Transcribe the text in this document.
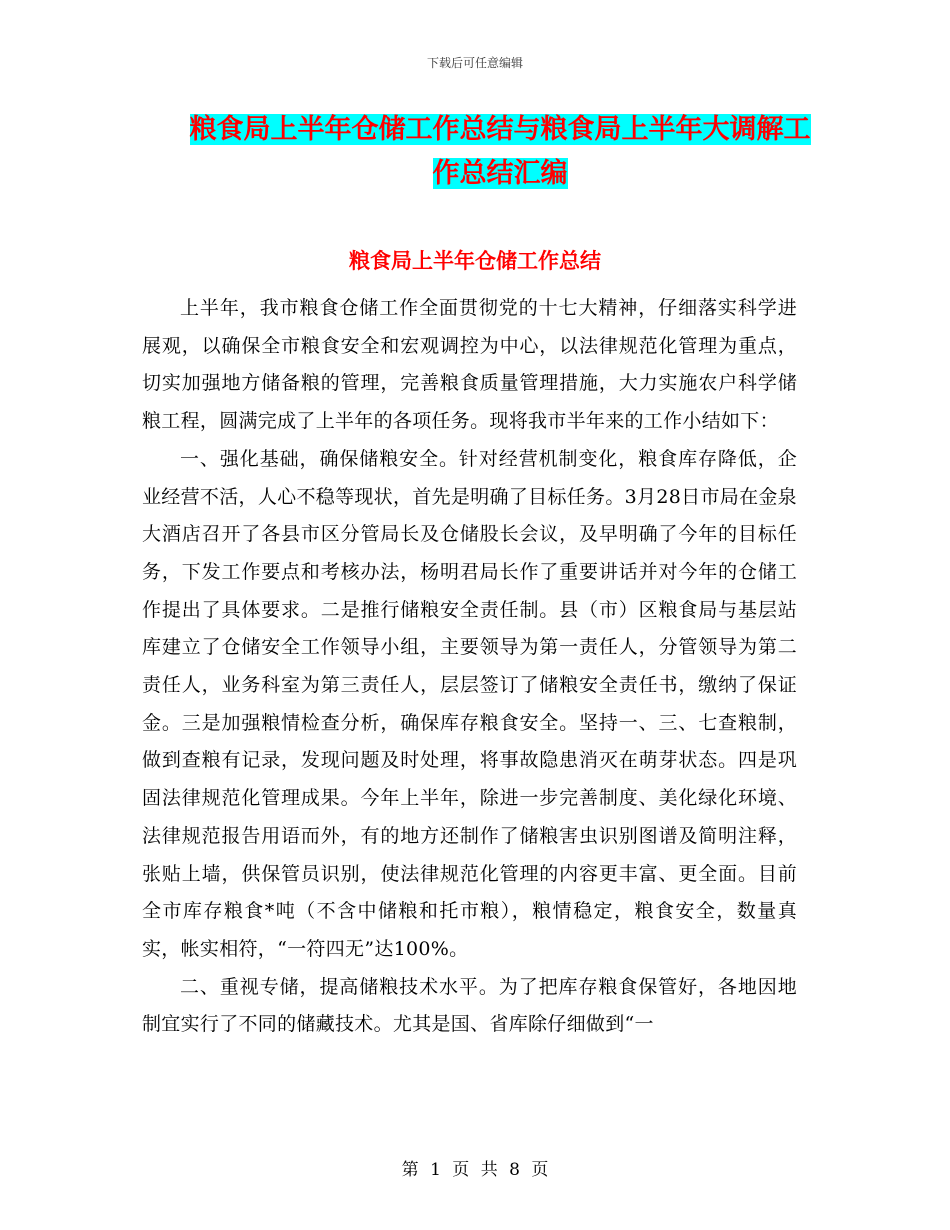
下载后可任意编辑
粮食局上半年仓储工作总结与粮食局上半年大调解工
作总结汇编
粮食局上半年仓储工作总结

上半年，我市粮食仓储工作全面贯彻党的十七大精神，仔细落实科学进展观，以确保全市粮食安全和宏观调控为中心，以法律规范化管理为重点，切实加强地方储备粮的管理，完善粮食质量管理措施，大力实施农户科学储粮工程，圆满完成了上半年的各项任务。现将我市半年来的工作小结如下：

一、强化基础，确保储粮安全。针对经营机制变化，粮食库存降低，企业经营不活，人心不稳等现状，首先是明确了目标任务。3月28日市局在金泉大酒店召开了各县市区分管局长及仓储股长会议，及早明确了今年的目标任务，下发工作要点和考核办法，杨明君局长作了重要讲话并对今年的仓储工作提出了具体要求。二是推行储粮安全责任制。县（市）区粮食局与基层站库建立了仓储安全工作领导小组，主要领导为第一责任人，分管领导为第二责任人，业务科室为第三责任人，层层签订了储粮安全责任书，缴纳了保证金。三是加强粮情检查分析，确保库存粮食安全。坚持一、三、七查粮制，做到查粮有记录，发现问题及时处理，将事故隐患消灭在萌芽状态。四是巩固法律规范化管理成果。今年上半年，除进一步完善制度、美化绿化环境、法律规范报告用语而外，有的地方还制作了储粮害虫识别图谱及简明注释，张贴上墙，供保管员识别，使法律规范化管理的内容更丰富、更全面。目前全市库存粮食*吨（不含中储粮和托市粮），粮情稳定，粮食安全，数量真实，帐实相符，“一符四无”达100%。

二、重视专储，提高储粮技术水平。为了把库存粮食保管好，各地因地制宜实行了不同的储藏技术。尤其是国、省库除仔细做到“一

第 1 页 共 8 页
